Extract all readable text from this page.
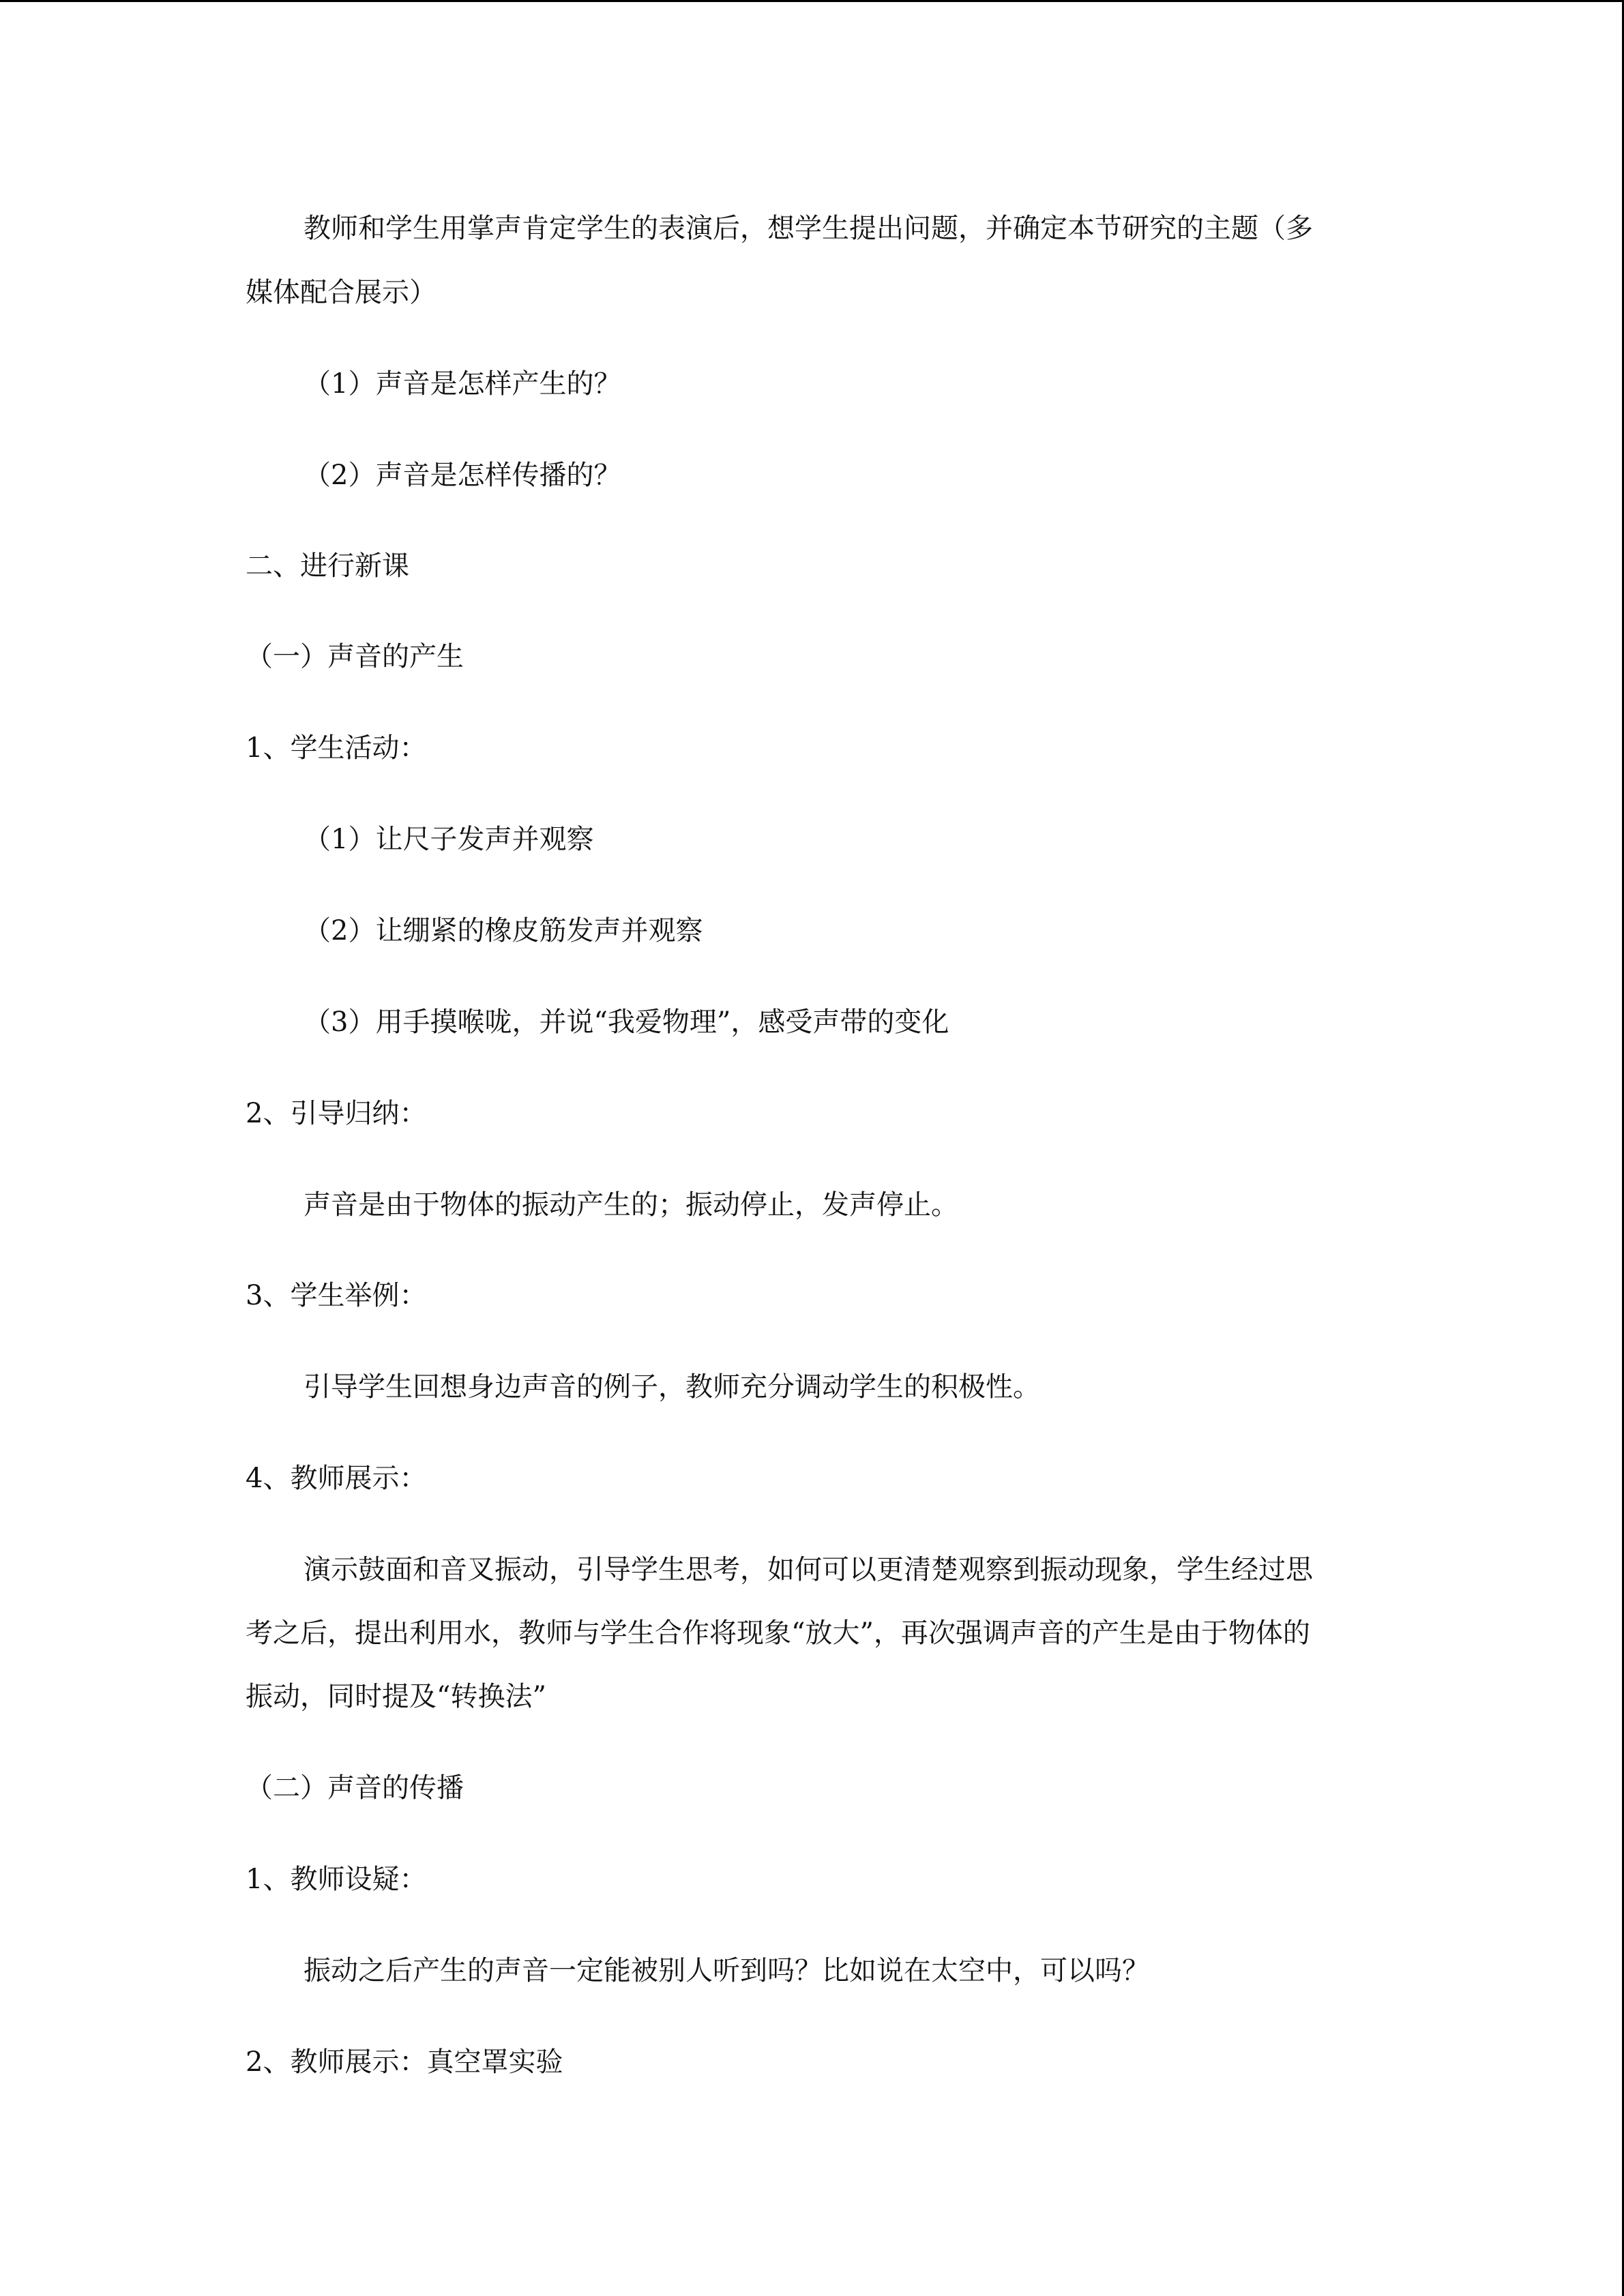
教师和学生用掌声肯定学生的表演后，想学生提出问题，并确定本节研究的主题（多
媒体配合展示）
（1）声音是怎样产生的？
（2）声音是怎样传播的？
二、进行新课
（一）声音的产生
1、学生活动：
（1）让尺子发声并观察
（2）让绷紧的橡皮筋发声并观察
（3）用手摸喉咙，并说“我爱物理”，感受声带的变化
2、引导归纳：
声音是由于物体的振动产生的；振动停止，发声停止。
3、学生举例：
引导学生回想身边声音的例子，教师充分调动学生的积极性。
4、教师展示：
演示鼓面和音叉振动，引导学生思考，如何可以更清楚观察到振动现象，学生经过思
考之后，提出利用水，教师与学生合作将现象“放大”，再次强调声音的产生是由于物体的
振动，同时提及“转换法”
（二）声音的传播
1、教师设疑：
振动之后产生的声音一定能被别人听到吗？比如说在太空中，可以吗？
2、教师展示：真空罩实验
